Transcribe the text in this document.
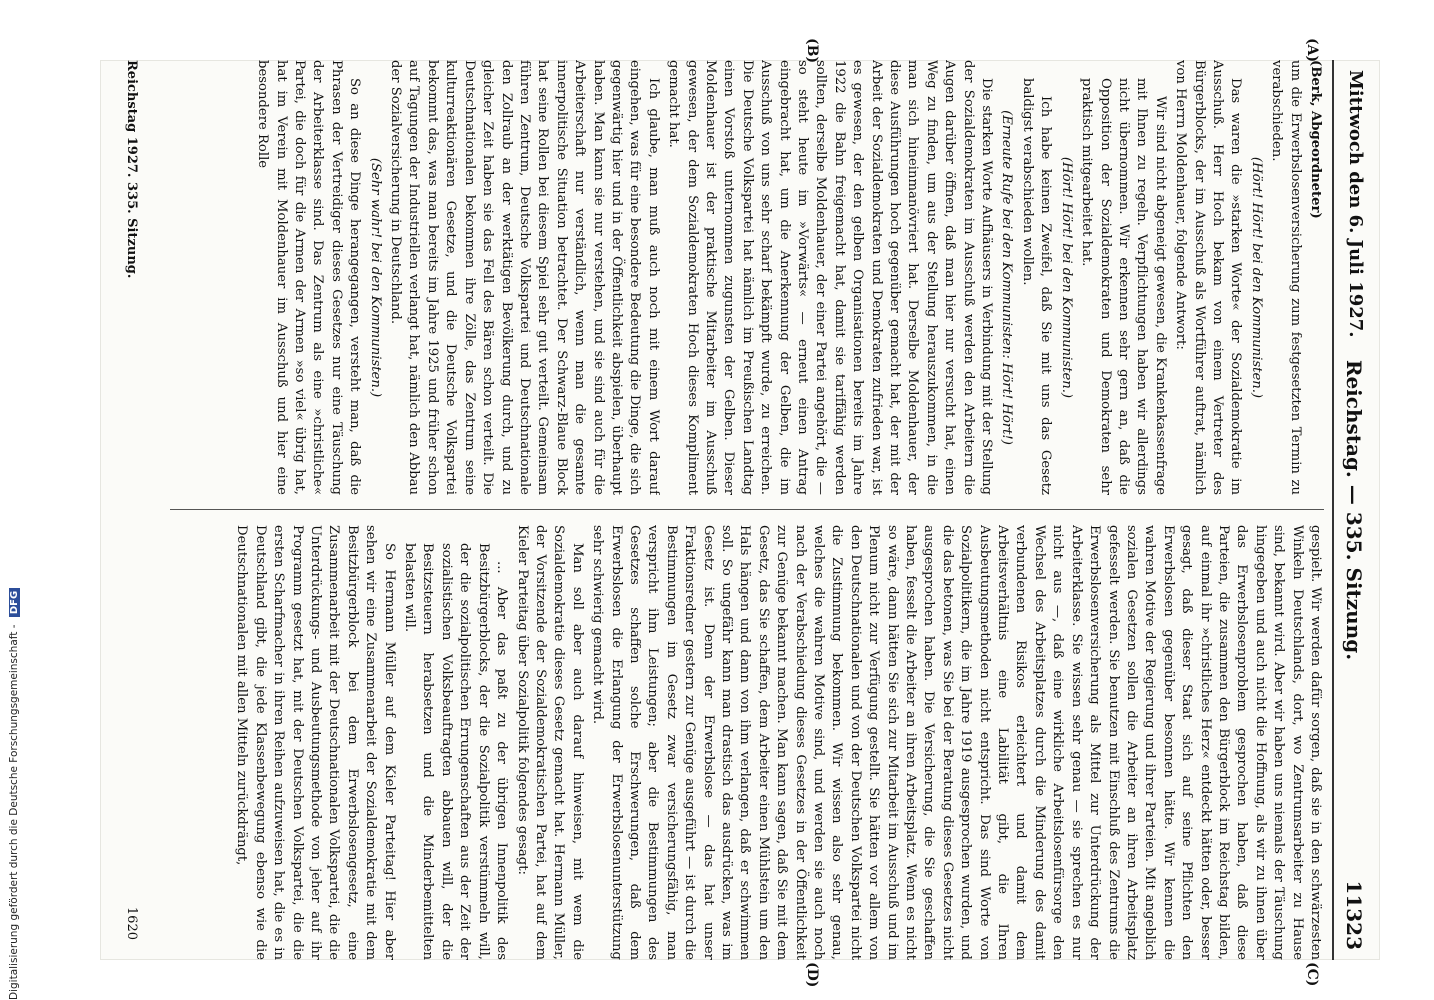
Mittwoch den 6. Juli 1927.
Reichstag. — 335. Sitzung.
11323
(A)
(B)
(C)
(D)

(Berk, Abgeordneter)

um die Erwerbslosenversicherung zum festgesetzten Termin zu verabschieden.

(Hört! Hört! bei den Kommunisten.)

Das waren die »starken Worte« der Sozialdemokratie im Ausschuß. Herr Hoch bekam von einem Vertreter des Bürgerblocks, der im Ausschuß als Wortführer auftrat, nämlich von Herrn Moldenhauer, folgende Antwort:

Wir sind nicht abgeneigt gewesen, die Krankenkassenfrage mit Ihnen zu regeln. Verpflichtungen haben wir allerdings nicht übernommen. Wir erkennen sehr gern an, daß die Opposition der Sozialdemokraten und Demokraten sehr praktisch mitgearbeitet hat.

(Hört! Hört! bei den Kommunisten.)

Ich habe keinen Zweifel, daß Sie mit uns das Gesetz baldigst verabschieden wollen.

(Erneute Rufe bei den Kommunisten: Hört! Hört!)

Die starken Worte Aufhäusers in Verbindung mit der Stellung der Sozialdemokraten im Ausschuß werden den Arbeitern die Augen darüber öffnen, daß man hier nur versucht hat, einen Weg zu finden, um aus der Stellung herauszukommen, in die man sich hineinmanövriert hat. Derselbe Moldenhauer, der diese Ausführungen hoch gegenüber gemacht hat, der mit der Arbeit der Sozialdemokraten und Demokraten zufrieden war, ist es gewesen, der den gelben Organisationen bereits im Jahre 1922 die Bahn freigemacht hat, damit sie tariffähig werden sollten, derselbe Moldenhauer, der einer Partei angehört, die — so steht heute im »Vorwärts« — erneut einen Antrag eingebracht hat, um die Anerkennung der Gelben, die im Ausschuß von uns sehr scharf bekämpft wurde, zu erreichen. Die Deutsche Volkspartei hat nämlich im Preußischen Landtag einen Vorstoß unternommen zugunsten der Gelben. Dieser Moldenhauer ist der praktische Mitarbeiter im Ausschuß gewesen, der dem Sozialdemokraten Hoch dieses Kompliment gemacht hat.

Ich glaube, man muß auch noch mit einem Wort darauf eingehen, was für eine besondere Bedeutung die Dinge, die sich gegenwärtig hier und in der Öffentlichkeit abspielen, überhaupt haben. Man kann sie nur verstehen, und sie sind auch für die Arbeiterschaft nur verständlich, wenn man die gesamte innerpolitische Situation betrachtet. Der Schwarz-Blaue Block hat seine Rollen bei diesem Spiel sehr gut verteilt. Gemeinsam führen Zentrum, Deutsche Volkspartei und Deutschnationale den Zollraub an der werktätigen Bevölkerung durch, und zu gleicher Zeit haben sie das Fell des Bären schon verteilt. Die Deutschnationalen bekommen ihre Zölle, das Zentrum seine kulturreaktionären Gesetze, und die Deutsche Volkspartei bekommt das, was man bereits im Jahre 1925 und früher schon auf Tagungen der Industriellen verlangt hat, nämlich den Abbau der Sozialversicherung in Deutschland.

(Sehr wahr! bei den Kommunisten.)

So an diese Dinge herangegangen, versteht man, daß die Phrasen der Vertreidiger dieses Gesetzes nur eine Täuschung der Arbeiterklasse sind. Das Zentrum als eine »christliche« Partei, die doch für die Armen der Armen »so viel« übrig hat, hat im Verein mit Moldenhauer im Ausschuß und hier eine besondere Rolle

gespielt. Wir werden dafür sorgen, daß sie in den schwärzesten Winkeln Deutschlands, dort, wo Zentrumsarbeiter zu Hause sind, bekannt wird. Aber wir haben uns niemals der Täuschung hingegeben und auch nicht die Hoffnung, als wir zu ihnen über das Erwerbslosenproblem gesprochen haben, daß diese Parteien, die zusammen den Bürgerblock im Reichstag bilden, auf einmal ihr »christliches Herz« entdeckt hätten oder, besser gesagt, daß dieser Staat sich auf seine Pflichten den Erwerbslosen gegenüber besonnen hätte. Wir kennen die wahren Motive der Regierung und ihrer Parteien. Mit angeblich sozialen Gesetzen sollen die Arbeiter an ihren Arbeitsplatz gefesselt werden. Sie benutzen mit Einschluß des Zentrums die Erwerbslosenversicherung als Mittel zur Unterdrückung der Arbeiterklasse. Sie wissen sehr genau — sie sprechen es nur nicht aus —, daß eine wirkliche Arbeitslosenfürsorge den Wechsel des Arbeitsplatzes durch die Minderung des damit verbundenen Risikos erleichtert und damit dem Arbeitsverhältnis eine Labilität gibt, die Ihren Ausbeutungsmethoden nicht entspricht. Das sind Worte von Sozialpolitikern, die im Jahre 1919 ausgesprochen wurden, und die das betonen, was Sie bei der Beratung dieses Gesetzes nicht ausgesprochen haben. Die Versicherung, die Sie geschaffen haben, fesselt die Arbeiter an ihren Arbeitsplatz. Wenn es nicht so wäre, dann hätten Sie sich zur Mitarbeit im Ausschuß und im Plenum nicht zur Verfügung gestellt. Sie hätten vor allem von den Deutschnationalen und von der Deutschen Volkspartei nicht die Zustimmung bekommen. Wir wissen also sehr genau, welches die wahren Motive sind, und werden sie auch noch nach der Verabschiedung dieses Gesetzes in der Öffentlichkeit zur Genüge bekannt machen. Man kann sagen, daß Sie mit dem Gesetz, das Sie schaffen, dem Arbeiter einen Mühlstein um den Hals hängen und dann von ihm verlangen, daß er schwimmen soll. So ungefähr kann man drastisch das ausdrücken, was im Gesetz ist. Denn der Erwerbslose — das hat unser Fraktionsredner gestern zur Genüge ausgeführt — ist durch die Bestimmungen im Gesetz zwar versicherungsfähig, man verspricht ihm Leistungen; aber die Bestimmungen des Gesetzes schaffen solche Erschwerungen, daß dem Erwerbslosen die Erlangung der Erwerbslosenunterstützung sehr schwierig gemacht wird.

Man soll aber auch darauf hinweisen, mit wem die Sozialdemokratie dieses Gesetz gemacht hat. Hermann Müller, der Vorsitzende der Sozialdemokratischen Partei, hat auf dem Kieler Parteitag über Sozialpolitik folgendes gesagt:

... Aber das paßt zu der übrigen Innenpolitik des Besitzbürgerblocks, der die Sozialpolitik verstümmeln will, der die sozialpolitischen Errungenschaften aus der Zeit der sozialistischen Volksbeauftragten abbauen will, der die Besitzsteuern herabsetzen und die Minderbemittelten belasten will.

So Hermann Müller auf dem Kieler Parteitag! Hier aber sehen wir eine Zusammenarbeit der Sozialdemokratie mit dem Besitzbürgerblock bei dem Erwerbslosengesetz, eine Zusammenarbeit mit der Deutschnationalen Volkspartei, die die Unterdrückungs- und Ausbeutungsmethode von jeher auf ihr Programm gesetzt hat, mit der Deutschen Volkspartei, die die ersten Scharfmacher in ihren Reihen aufzuweisen hat, die es in Deutschland gibt, die jede Klassenbewegung ebenso wie die Deutschnationalen mit allen Mitteln zurückdrängt,

Reichstag 1927. 335. Sitzung.
1620
Digitalisierung gefördert durch die Deutsche Forschungsgemeinschaft - DFG
